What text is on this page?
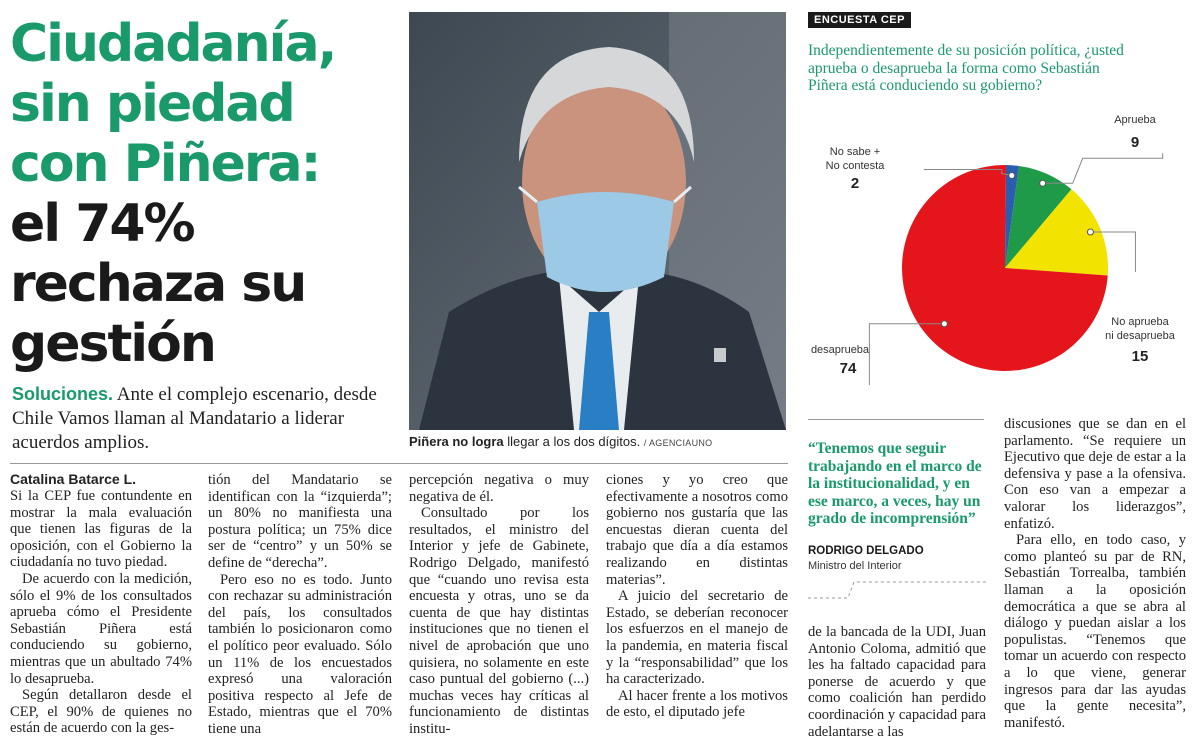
Ciudadanía,
sin piedad
con Piñera:
el 74%
rechaza su
gestión
Soluciones. Ante el complejo escenario, desde Chile Vamos llaman al Mandatario a liderar acuerdos amplios.	Piñera no logra llegar a los dos dígitos. / AGENCIAUNO
Catalina Batarce L.

Si la CEP fue contundente en mostrar la mala evaluación que tienen las figuras de la oposición, con el Gobierno la ciudadanía no tuvo piedad.

De acuerdo con la medición, sólo el 9% de los consultados aprueba cómo el Presidente Sebastián Piñera está conduciendo su gobierno, mientras que un abultado 74% lo desaprueba.

Según detallaron desde el CEP, el 90% de quienes no están de acuerdo con la ges-

tión del Mandatario se identifican con la “izquierda”; un 80% no manifiesta una postura política; un 75% dice ser de “centro” y un 50% se define de “derecha”.

Pero eso no es todo. Junto con rechazar su administración del país, los consultados también lo posicionaron como el político peor evaluado. Sólo un 11% de los encuestados expresó una valoración positiva respecto al Jefe de Estado, mientras que el 70% tiene una

percepción negativa o muy negativa de él.

Consultado por los resultados, el ministro del Interior y jefe de Gabinete, Rodrigo Delgado, manifestó que “cuando uno revisa esta encuesta y otras, uno se da cuenta de que hay distintas instituciones que no tienen el nivel de aprobación que uno quisiera, no solamente en este caso puntual del gobierno (...) muchas veces hay críticas al funcionamiento de distintas institu-

ciones y yo creo que efectivamente a nosotros como gobierno nos gustaría que las encuestas dieran cuenta del trabajo que día a día estamos realizando en distintas materias”.

A juicio del secretario de Estado, se deberían reconocer los esfuerzos en el manejo de la pandemia, en materia fiscal y la “responsabilidad” que los ha caracterizado.

Al hacer frente a los motivos de esto, el diputado jefe

de la bancada de la UDI, Juan Antonio Coloma, admitió que les ha faltado capacidad para ponerse de acuerdo y que como coalición han perdido coordinación y capacidad para adelantarse a las

discusiones que se dan en el parlamento. “Se requiere un Ejecutivo que deje de estar a la defensiva y pase a la ofensiva. Con eso van a empezar a valorar los liderazgos”, enfatizó.

Para ello, en todo caso, y como planteó su par de RN, Sebastián Torrealba, también llaman a la oposición democrática a que se abra al diálogo y puedan aislar a los populistas. “Tenemos que tomar un acuerdo con respecto a lo que viene, generar ingresos para dar las ayudas que la gente necesita”, manifestó.

“Tenemos que seguir trabajando en el marco de la institucionalidad, y en ese marco, a veces, hay un grado de incomprensión”
RODRIGO DELGADO
Ministro del Interior
ENCUESTA CEP
Independientemente de su posición política, ¿usted aprueba o desaprueba la forma como Sebastián Piñera está conduciendo su gobierno?
No sabe +
No contesta
2
Aprueba
9
No aprueba
ni desaprueba
15
desaprueba
74
